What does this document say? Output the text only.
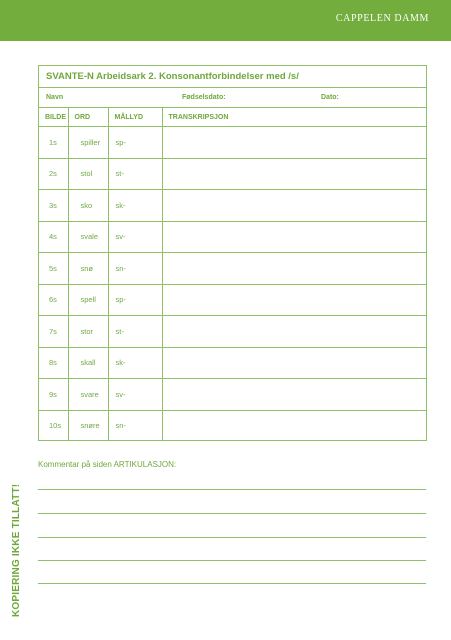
CAPPELEN DAMM
SVANTE-N Arbeidsark 2. Konsonantforbindelser med /s/
Navn	Fødselsdato:	Dato:
BILDE	ORD	MÅLLYD	TRANSKRIPSJON
1s	spiller	sp-	
2s	stol	st-	
3s	sko	sk-	
4s	svale	sv-	
5s	snø	sn-	
6s	spell	sp-	
7s	stor	st-	
8s	skall	sk-	
9s	svare	sv-	
10s	snøre	sn-	
Kommentar på siden ARTIKULASJON:
KOPIERING IKKE TILLATT!
